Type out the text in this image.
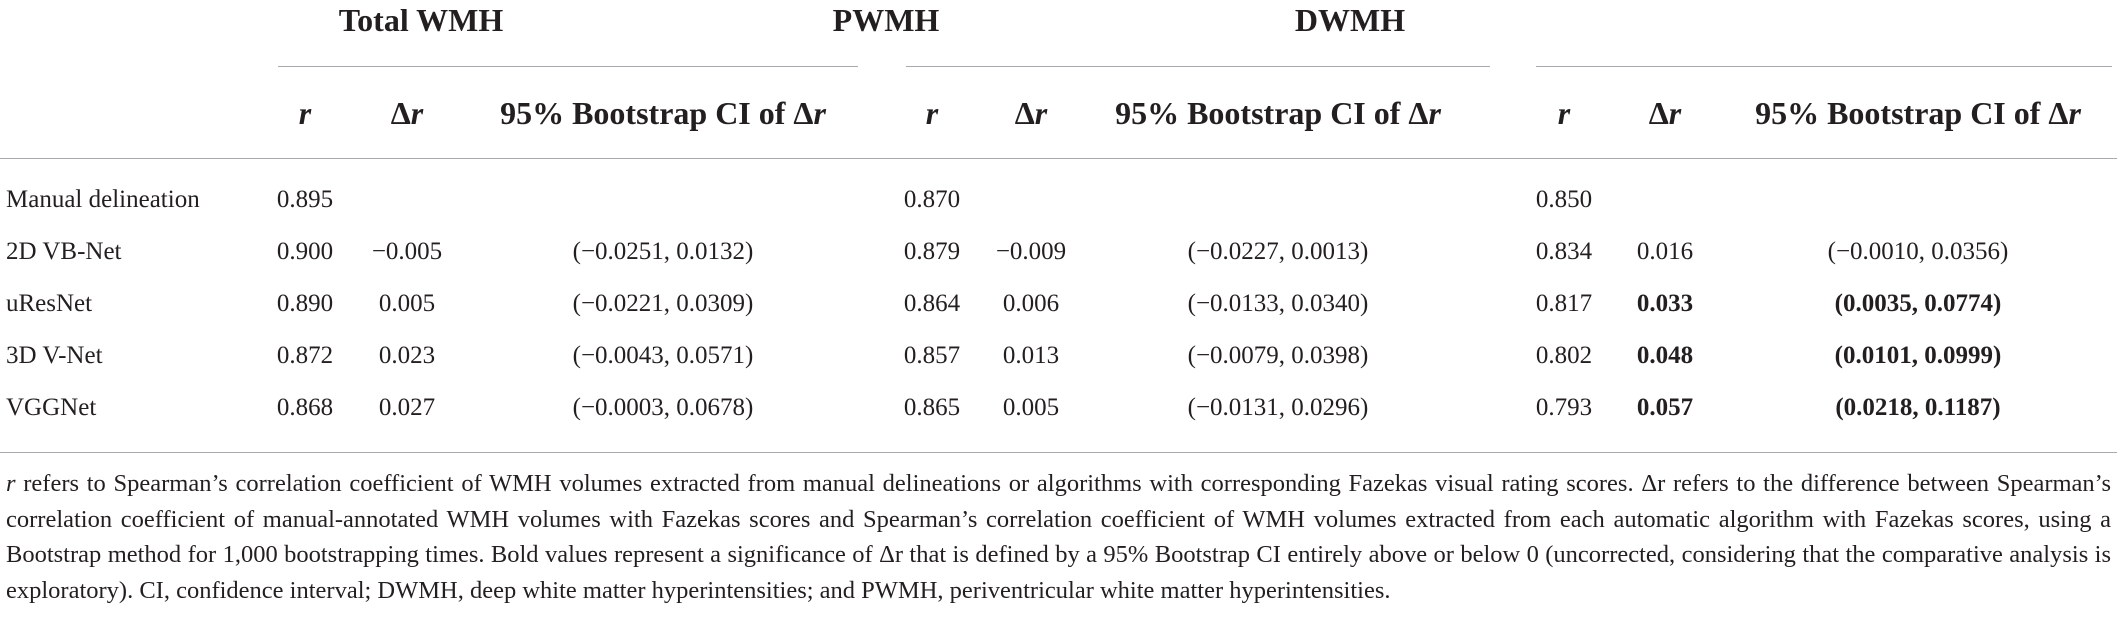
Total WMH	PWMH	DWMH
r Δr 95% Bootstrap CI of Δr	r Δr 95% Bootstrap CI of Δr	r Δr 95% Bootstrap CI of Δr
Manual delineation	0.895	0.870	0.850
2D VB-Net	0.900 −0.005	(−0.0251, 0.0132)	0.879 −0.009	(−0.0227, 0.0013)	0.834 0.016	(−0.0010, 0.0356)
uResNet	0.890 0.005	(−0.0221, 0.0309)	0.864 0.006	(−0.0133, 0.0340)	0.817 0.033	(0.0035, 0.0774)
3D V-Net	0.872 0.023	(−0.0043, 0.0571)	0.857 0.013	(−0.0079, 0.0398)	0.802 0.048	(0.0101, 0.0999)
VGGNet	0.868 0.027	(−0.0003, 0.0678)	0.865 0.005	(−0.0131, 0.0296)	0.793 0.057	(0.0218, 0.1187)
r refers to Spearman’s correlation coefficient of WMH volumes extracted from manual delineations or algorithms with corresponding Fazekas visual rating scores. Δr refers to the difference between Spearman’s correlation coefficient of manual-annotated WMH volumes with Fazekas scores and Spearman’s correlation coefficient of WMH volumes extracted from each automatic algorithm with Fazekas scores, using a Bootstrap method for 1,000 bootstrapping times. Bold values represent a significance of Δr that is defined by a 95% Bootstrap CI entirely above or below 0 (uncorrected, considering that the comparative analysis is exploratory). CI, confidence interval; DWMH, deep white matter hyperintensities; and PWMH, periventricular white matter hyperintensities.
